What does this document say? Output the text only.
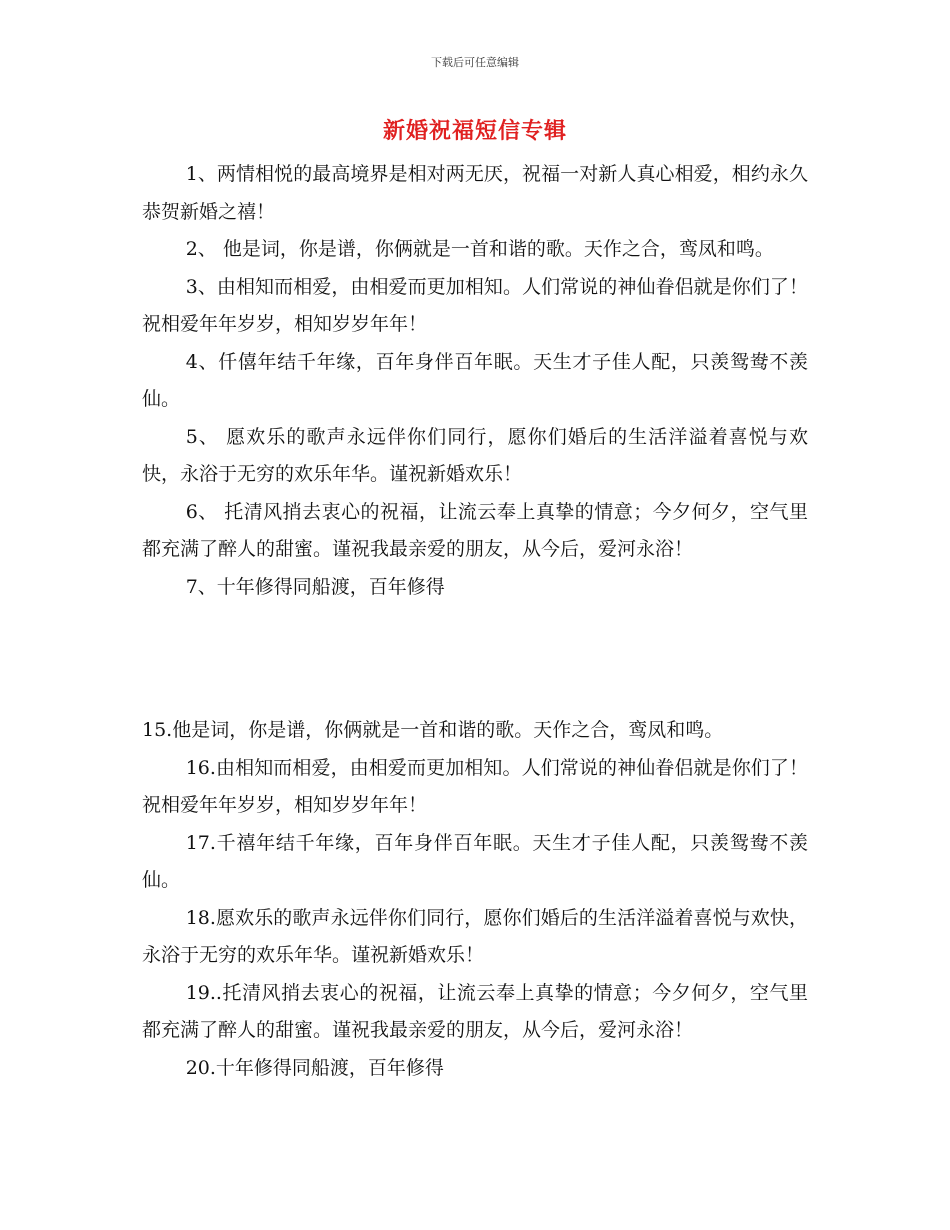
下载后可任意编辑
新婚祝福短信专辑

1、两情相悦的最高境界是相对两无厌，祝福一对新人真心相爱，相约永久恭贺新婚之禧！

2、 他是词，你是谱，你俩就是一首和谐的歌。天作之合，鸾凤和鸣。

3、由相知而相爱，由相爱而更加相知。人们常说的神仙眷侣就是你们了！祝相爱年年岁岁，相知岁岁年年！

4、仟僖年结千年缘，百年身伴百年眠。天生才子佳人配，只羡鸳鸯不羡仙。

5、 愿欢乐的歌声永远伴你们同行，愿你们婚后的生活洋溢着喜悦与欢快，永浴于无穷的欢乐年华。谨祝新婚欢乐！

6、 托清风捎去衷心的祝福，让流云奉上真挚的情意；今夕何夕，空气里都充满了醉人的甜蜜。谨祝我最亲爱的朋友，从今后，爱河永浴！

7、十年修得同船渡，百年修得

15.他是词，你是谱，你俩就是一首和谐的歌。天作之合，鸾凤和鸣。

16.由相知而相爱，由相爱而更加相知。人们常说的神仙眷侣就是你们了！祝相爱年年岁岁，相知岁岁年年！

17.千禧年结千年缘，百年身伴百年眠。天生才子佳人配，只羡鸳鸯不羡仙。

18.愿欢乐的歌声永远伴你们同行，愿你们婚后的生活洋溢着喜悦与欢快，永浴于无穷的欢乐年华。谨祝新婚欢乐！

19..托清风捎去衷心的祝福，让流云奉上真挚的情意；今夕何夕，空气里都充满了醉人的甜蜜。谨祝我最亲爱的朋友，从今后，爱河永浴！

20.十年修得同船渡，百年修得
